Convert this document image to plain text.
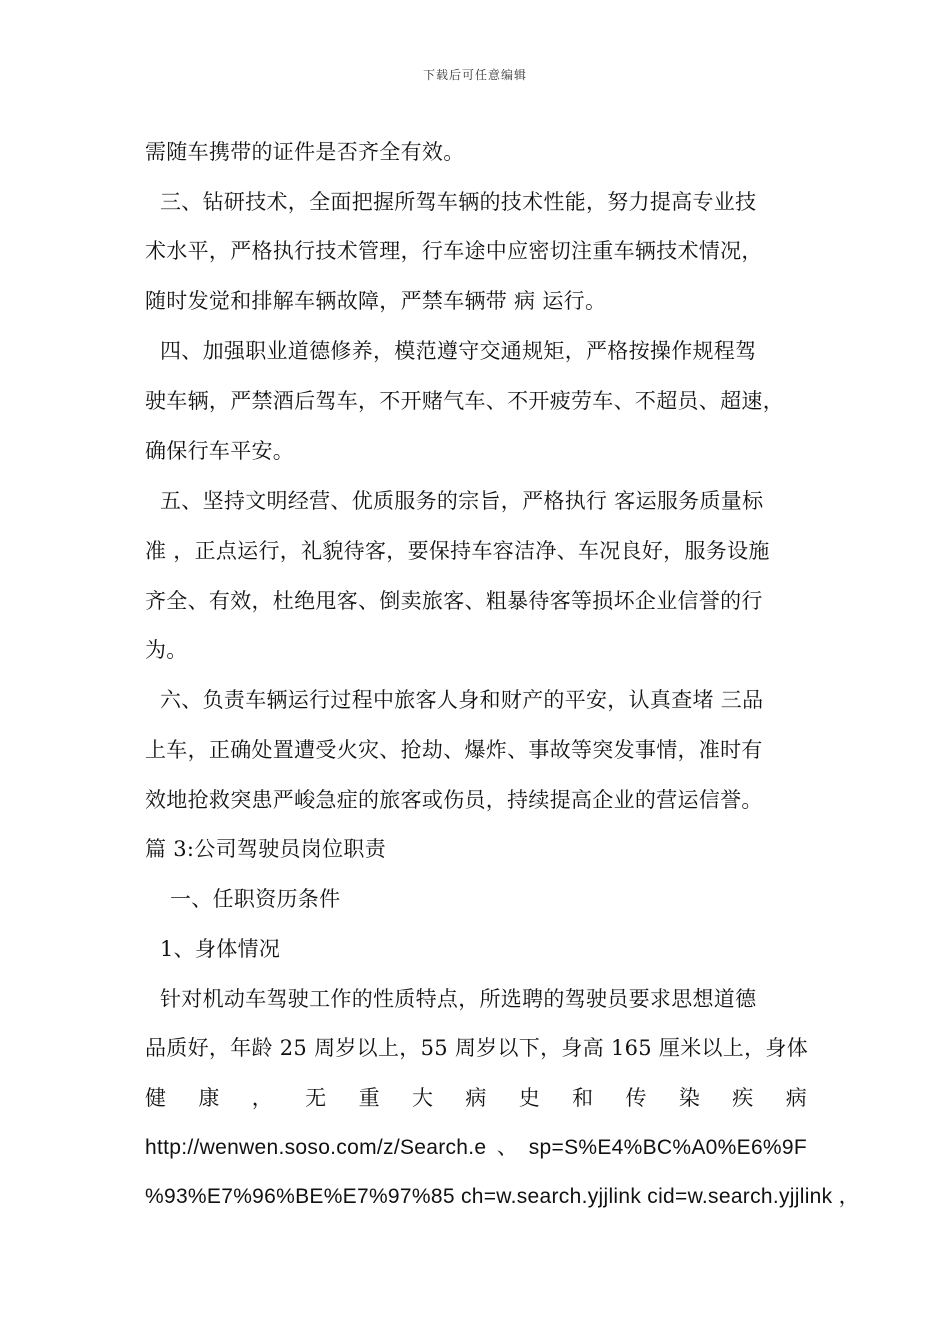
下载后可任意编辑
需随车携带的证件是否齐全有效。
三、钻研技术，全面把握所驾车辆的技术性能，努力提高专业技
术水平，严格执行技术管理，行车途中应密切注重车辆技术情况，
随时发觉和排解车辆故障，严禁车辆带 病 运行。
四、加强职业道德修养，模范遵守交通规矩，严格按操作规程驾
驶车辆，严禁酒后驾车，不开赌气车、不开疲劳车、不超员、超速，
确保行车平安。
五、坚持文明经营、优质服务的宗旨，严格执行 客运服务质量标
准 ，正点运行，礼貌待客，要保持车容洁净、车况良好，服务设施
齐全、有效，杜绝甩客、倒卖旅客、粗暴待客等损坏企业信誉的行
为。
六、负责车辆运行过程中旅客人身和财产的平安，认真查堵 三品
上车，正确处置遭受火灾、抢劫、爆炸、事故等突发事情，准时有
效地抢救突患严峻急症的旅客或伤员，持续提高企业的营运信誉。
篇 3:公司驾驶员岗位职责
一、任职资历条件
1、身体情况
针对机动车驾驶工作的性质特点，所选聘的驾驶员要求思想道德
品质好，年龄 25 周岁以上，55 周岁以下，身高 165 厘米以上，身体
健 康 ， 无 重 大 病 史 和 传 染 疾 病
http://wenwen.soso.com/z/Search.e 、 sp=S%E4%BC%A0%E6%9F
%93%E7%96%BE%E7%97%85 ch=w.search.yjjlink cid=w.search.yjjlink ，
